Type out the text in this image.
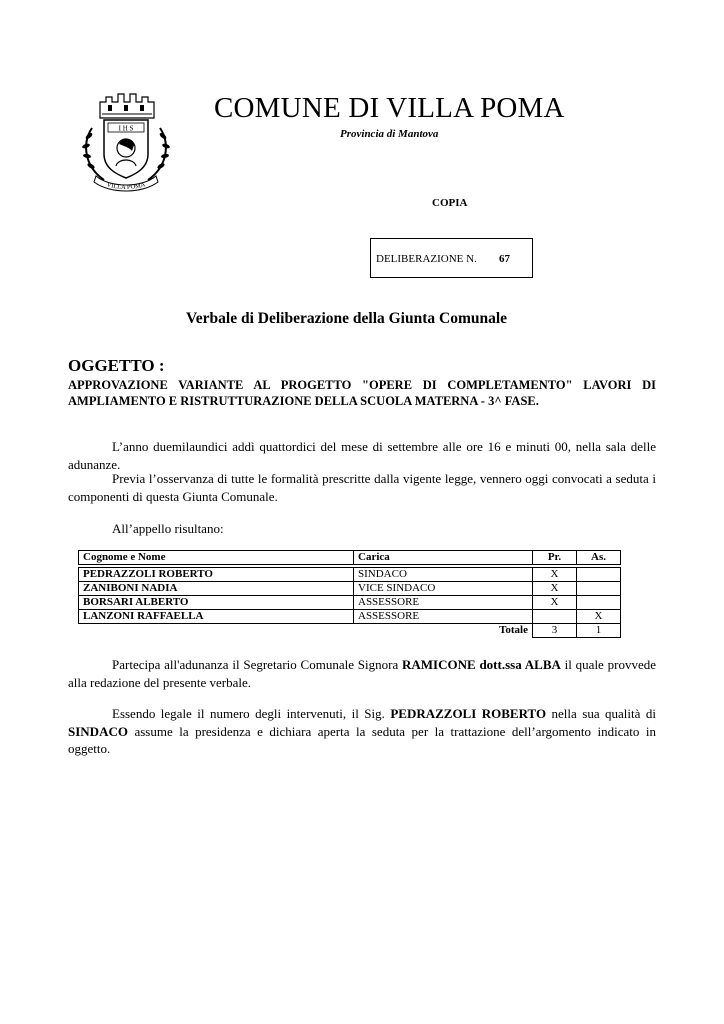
I H S
VILLA POMA
COMUNE DI VILLA POMA
Provincia di Mantova
COPIA
DELIBERAZIONE N. 67
Verbale di Deliberazione della Giunta Comunale
OGGETTO :
APPROVAZIONE VARIANTE AL PROGETTO "OPERE DI COMPLETAMENTO" LAVORI DI AMPLIAMENTO E RISTRUTTURAZIONE DELLA SCUOLA MATERNA - 3^ FASE.
L’anno duemilaundici addì quattordici del mese di settembre alle ore 16 e minuti 00, nella sala delle adunanze.
Previa l’osservanza di tutte le formalità prescritte dalla vigente legge, vennero oggi convocati a seduta i componenti di questa Giunta Comunale.
All’appello risultano:
Cognome e Nome	Carica	Pr.	As.

PEDRAZZOLI ROBERTO	SINDACO	X	
ZANIBONI NADIA	VICE SINDACO	X	
BORSARI ALBERTO	ASSESSORE	X	
LANZONI RAFFAELLA	ASSESSORE		X
Totale		3	1
Partecipa all'adunanza il Segretario Comunale Signora RAMICONE dott.ssa ALBA il quale provvede alla redazione del presente verbale.
Essendo legale il numero degli intervenuti, il Sig. PEDRAZZOLI ROBERTO nella sua qualità di SINDACO assume la presidenza e dichiara aperta la seduta per la trattazione dell’argomento indicato in oggetto.
